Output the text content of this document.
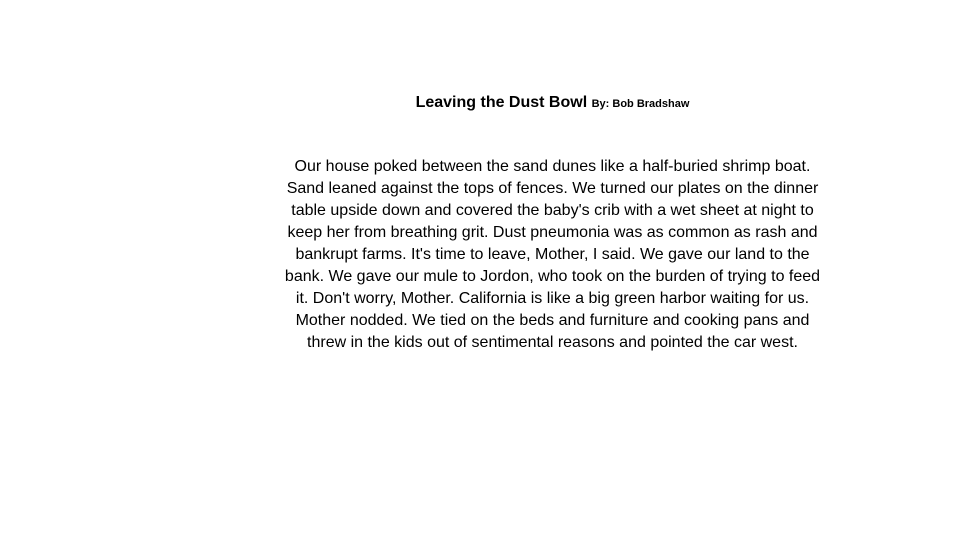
Leaving the Dust Bowl By: Bob Bradshaw
Our house poked between the sand dunes like a half-buried shrimp boat.
Sand leaned against the tops of fences. We turned our plates on the dinner
table upside down and covered the baby's crib with a wet sheet at night to
keep her from breathing grit. Dust pneumonia was as common as rash and
bankrupt farms. It's time to leave, Mother, I said. We gave our land to the
bank. We gave our mule to Jordon, who took on the burden of trying to feed
it. Don't worry, Mother. California is like a big green harbor waiting for us.
Mother nodded. We tied on the beds and furniture and cooking pans and
threw in the kids out of sentimental reasons and pointed the car west.
